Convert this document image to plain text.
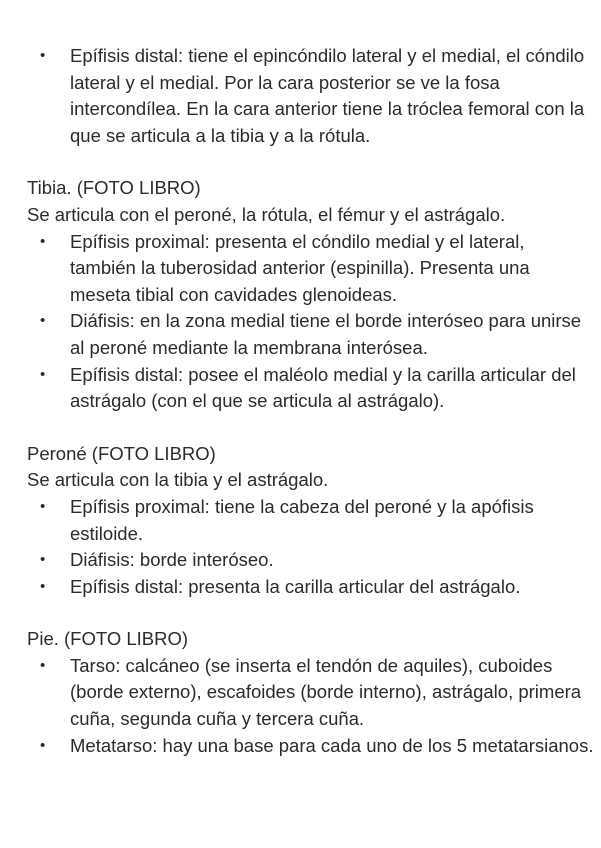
• Epífisis distal: tiene el epincóndilo lateral y el medial, el cóndilo lateral y el medial. Por la cara posterior se ve la fosa intercondílea. En la cara anterior tiene la tróclea femoral con la que se articula a la tibia y a la rótula.

Tibia. (FOTO LIBRO)

Se articula con el peroné, la rótula, el fémur y el astrágalo.

• Epífisis proximal: presenta el cóndilo medial y el lateral, también la tuberosidad anterior (espinilla). Presenta una meseta tibial con cavidades glenoideas.
• Diáfisis: en la zona medial tiene el borde interóseo para unirse al peroné mediante la membrana interósea.
• Epífisis distal: posee el maléolo medial y la carilla articular del astrágalo (con el que se articula al astrágalo).

Peroné (FOTO LIBRO)

Se articula con la tibia y el astrágalo.

• Epífisis proximal: tiene la cabeza del peroné y la apófisis estiloide.
• Diáfisis: borde interóseo.
• Epífisis distal: presenta la carilla articular del astrágalo.

Pie. (FOTO LIBRO)

• Tarso: calcáneo (se inserta el tendón de aquiles), cuboides (borde externo), escafoides (borde interno), astrágalo, primera cuña, segunda cuña y tercera cuña.
• Metatarso: hay una base para cada uno de los 5 metatarsianos.
